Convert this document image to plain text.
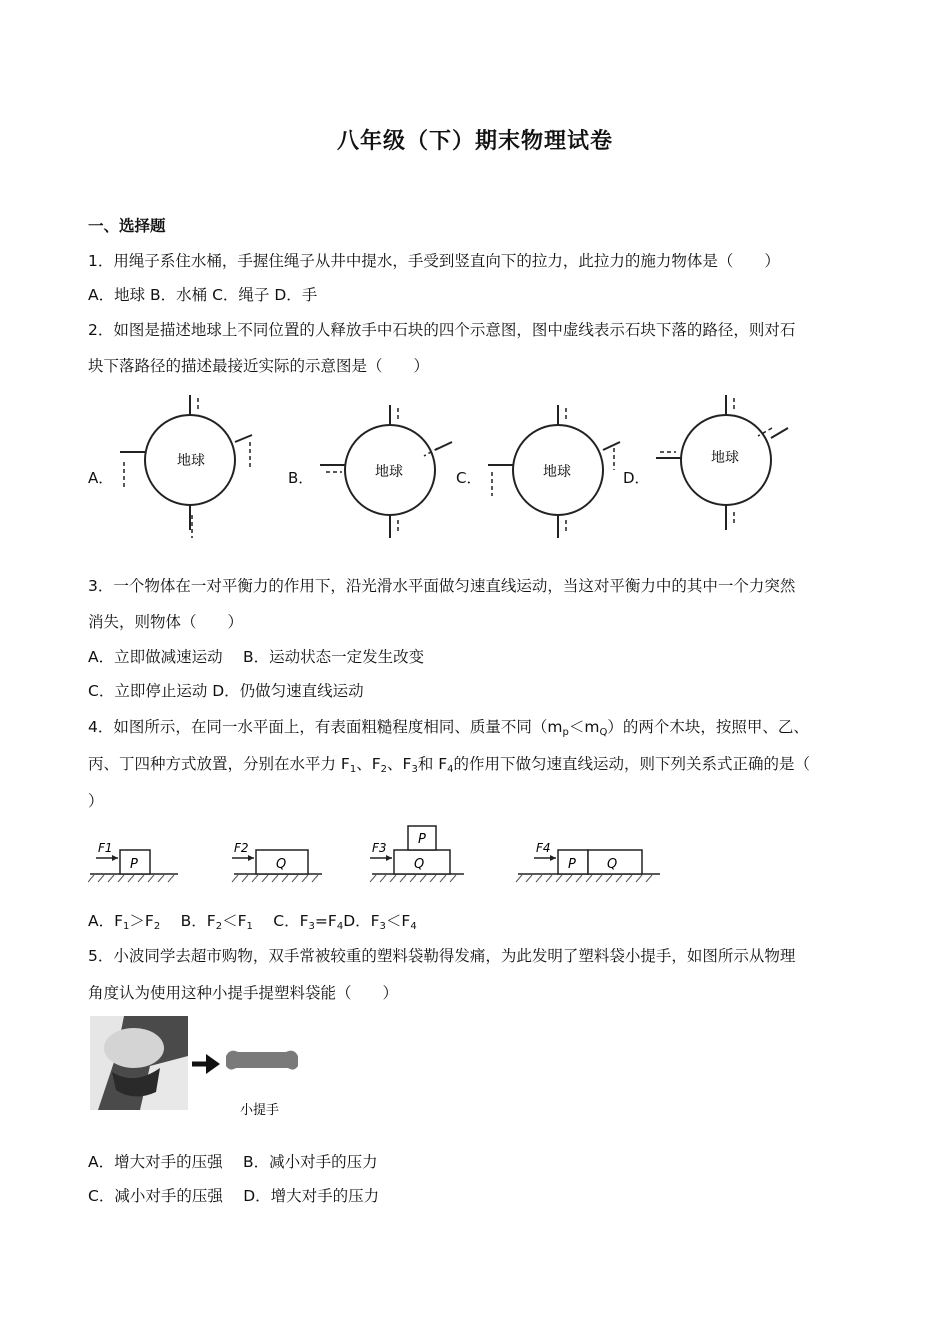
八年级（下）期末物理试卷
一、选择题
1．用绳子系住水桶，手握住绳子从井中提水，手受到竖直向下的拉力，此拉力的施力物体是（　　）
A．地球 B．水桶 C．绳子 D．手
2．如图是描述地球上不同位置的人释放手中石块的四个示意图，图中虚线表示石块下落的路径，则对石
块下落路径的描述最接近实际的示意图是（　　）
A．	B．	C．	D．
地球
地球	地球
地球
3．一个物体在一对平衡力的作用下，沿光滑水平面做匀速直线运动，当这对平衡力中的其中一个力突然
消失，则物体（　　）
A．立即做减速运动　 B．运动状态一定发生改变
C．立即停止运动 D．仍做匀速直线运动
4．如图所示，在同一水平面上，有表面粗糙程度相同、质量不同$(m_p<m_Q)$的两个木块，按照甲、乙、
丙、丁四种方式放置，分别在水平力 $F_1$、$F_2$、$F_3$和 $F_4$的作用下做匀速直线运动，则下列关系式正确的是（
）
P
F1
Q
F2
Q
P
F3
P Q
F4
A．$F_1>F_2$　 B．$F_2<F_1$　 C．$F_3=F_4D$．$F_3<F_4$
5．小波同学去超市购物，双手常被较重的塑料袋勒得发痛，为此发明了塑料袋小提手，如图所示从物理
角度认为使用这种小提手提塑料袋能（　　）
小提手
A．增大对手的压强　 B．减小对手的压力
C．减小对手的压强　 D．增大对手的压力
